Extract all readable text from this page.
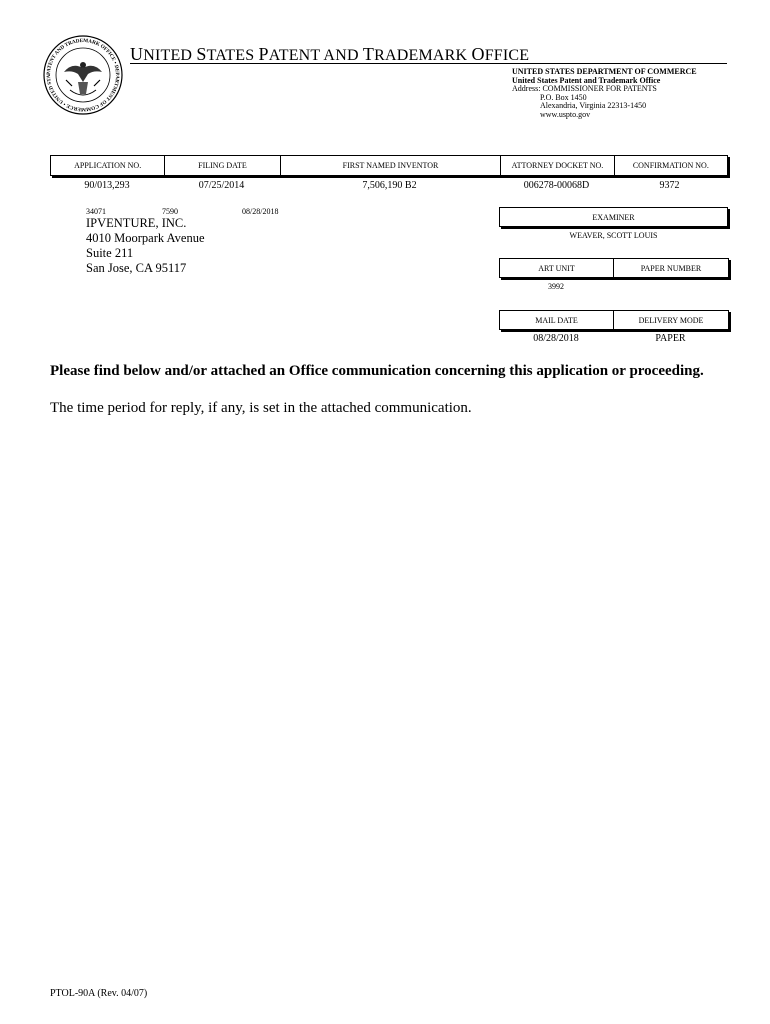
PATENT AND TRADEMARK OFFICE • DEPARTMENT OF COMMERCE • UNITED STA
UNITED STATES PATENT AND TRADEMARK OFFICE
UNITED STATES DEPARTMENT OF COMMERCE
United States Patent and Trademark Office
Address: COMMISSIONER FOR PATENTS
P.O. Box 1450
Alexandria, Virginia 22313-1450
www.uspto.gov
APPLICATION NO.	FILING DATE	FIRST NAMED INVENTOR	ATTORNEY DOCKET NO.	CONFIRMATION NO.
90/013,293	07/25/2014	7,506,190 B2	006278-00068D	9372
34071	7590	08/28/2018
IPVENTURE, INC.
4010 Moorpark Avenue
Suite 211
San Jose, CA 95117
EXAMINER
WEAVER, SCOTT LOUIS
ART UNIT	PAPER NUMBER
3992
MAIL DATE	DELIVERY MODE
08/28/2018	PAPER
Please find below and/or attached an Office communication concerning this application or proceeding.
The time period for reply, if any, is set in the attached communication.
PTOL-90A (Rev. 04/07)
